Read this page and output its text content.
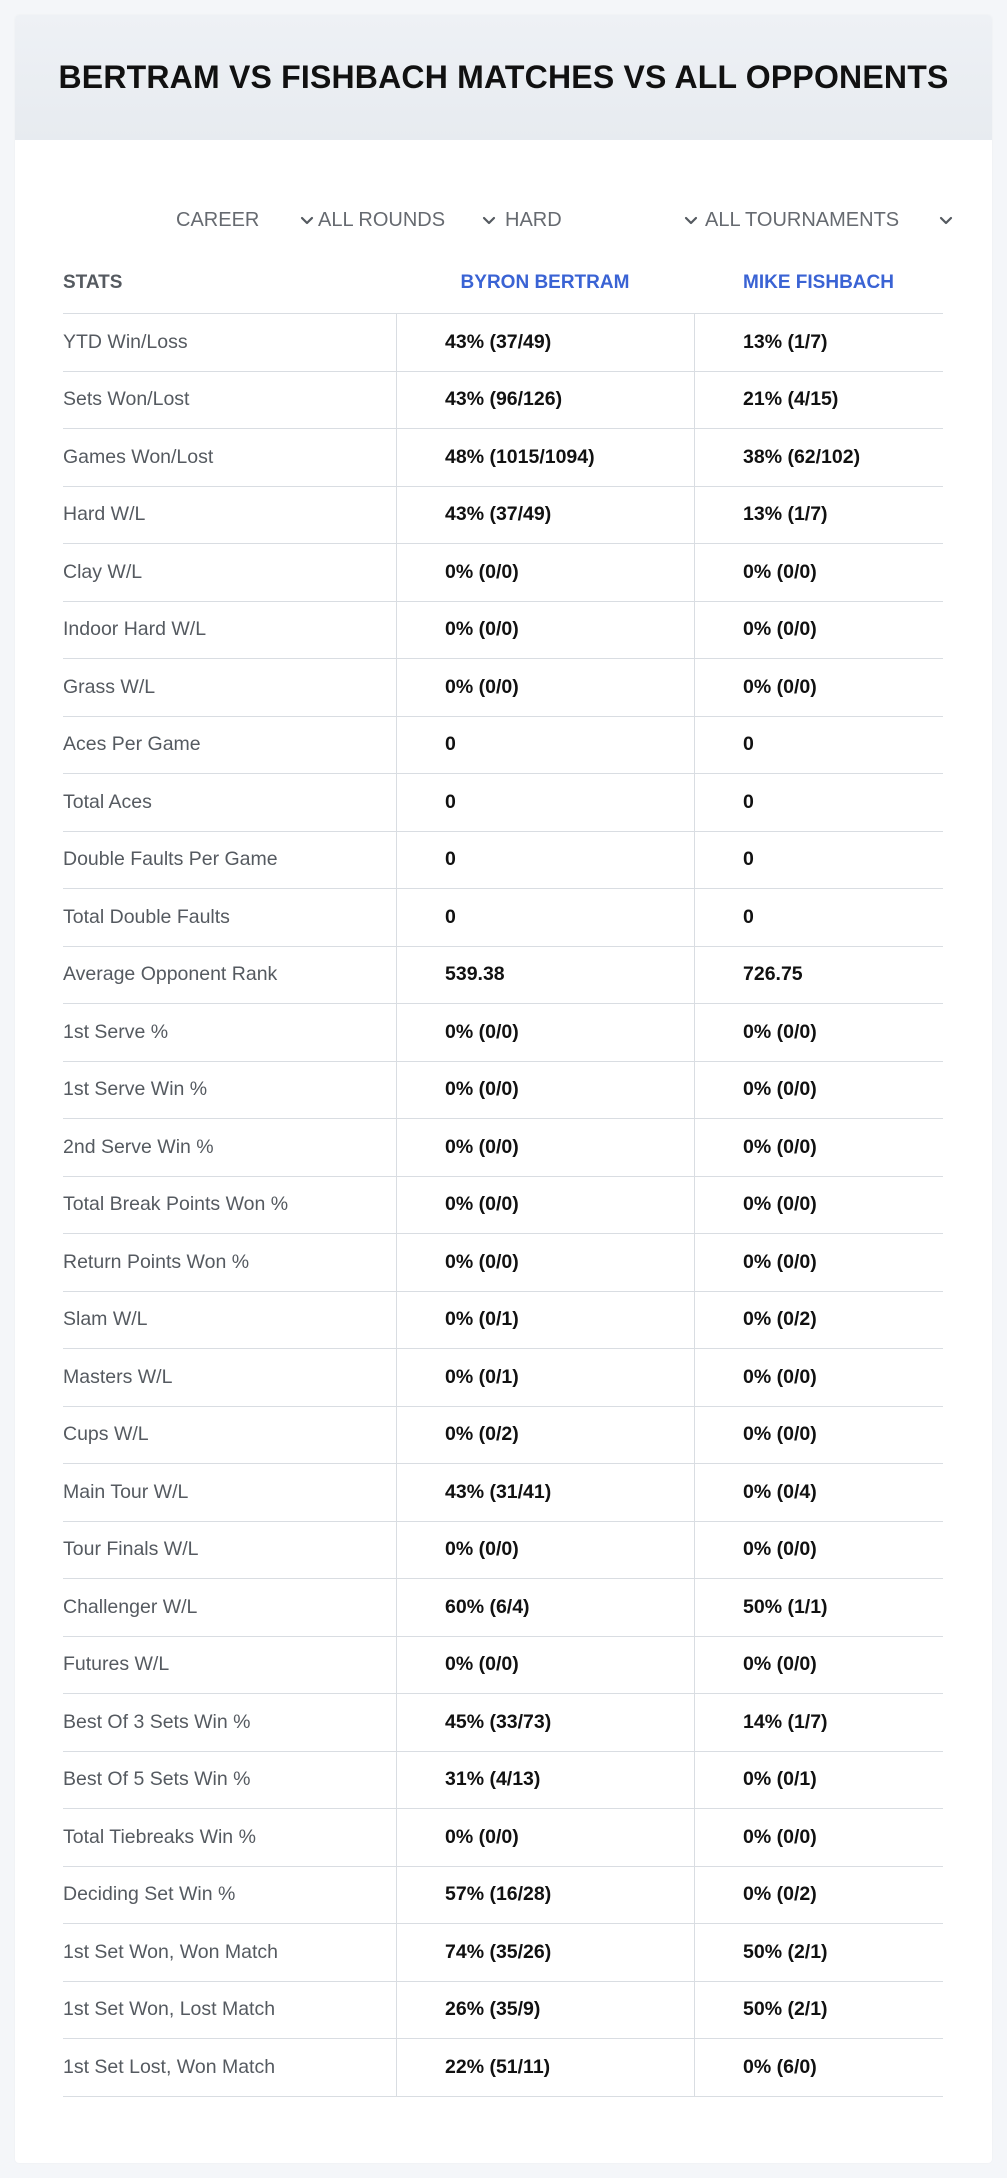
BERTRAM VS FISHBACH MATCHES VS ALL OPPONENTS
CAREER	ALL ROUNDS	HARD	ALL TOURNAMENTS
STATS	BYRON BERTRAM	MIKE FISHBACH
YTD Win/Loss	43% (37/49)	13% (1/7)
Sets Won/Lost	43% (96/126)	21% (4/15)
Games Won/Lost	48% (1015/1094)	38% (62/102)
Hard W/L	43% (37/49)	13% (1/7)
Clay W/L	0% (0/0)	0% (0/0)
Indoor Hard W/L	0% (0/0)	0% (0/0)
Grass W/L	0% (0/0)	0% (0/0)
Aces Per Game	0	0
Total Aces	0	0
Double Faults Per Game	0	0
Total Double Faults	0	0
Average Opponent Rank	539.38	726.75
1st Serve %	0% (0/0)	0% (0/0)
1st Serve Win %	0% (0/0)	0% (0/0)
2nd Serve Win %	0% (0/0)	0% (0/0)
Total Break Points Won %	0% (0/0)	0% (0/0)
Return Points Won %	0% (0/0)	0% (0/0)
Slam W/L	0% (0/1)	0% (0/2)
Masters W/L	0% (0/1)	0% (0/0)
Cups W/L	0% (0/2)	0% (0/0)
Main Tour W/L	43% (31/41)	0% (0/4)
Tour Finals W/L	0% (0/0)	0% (0/0)
Challenger W/L	60% (6/4)	50% (1/1)
Futures W/L	0% (0/0)	0% (0/0)
Best Of 3 Sets Win %	45% (33/73)	14% (1/7)
Best Of 5 Sets Win %	31% (4/13)	0% (0/1)
Total Tiebreaks Win %	0% (0/0)	0% (0/0)
Deciding Set Win %	57% (16/28)	0% (0/2)
1st Set Won, Won Match	74% (35/26)	50% (2/1)
1st Set Won, Lost Match	26% (35/9)	50% (2/1)
1st Set Lost, Won Match	22% (51/11)	0% (6/0)
